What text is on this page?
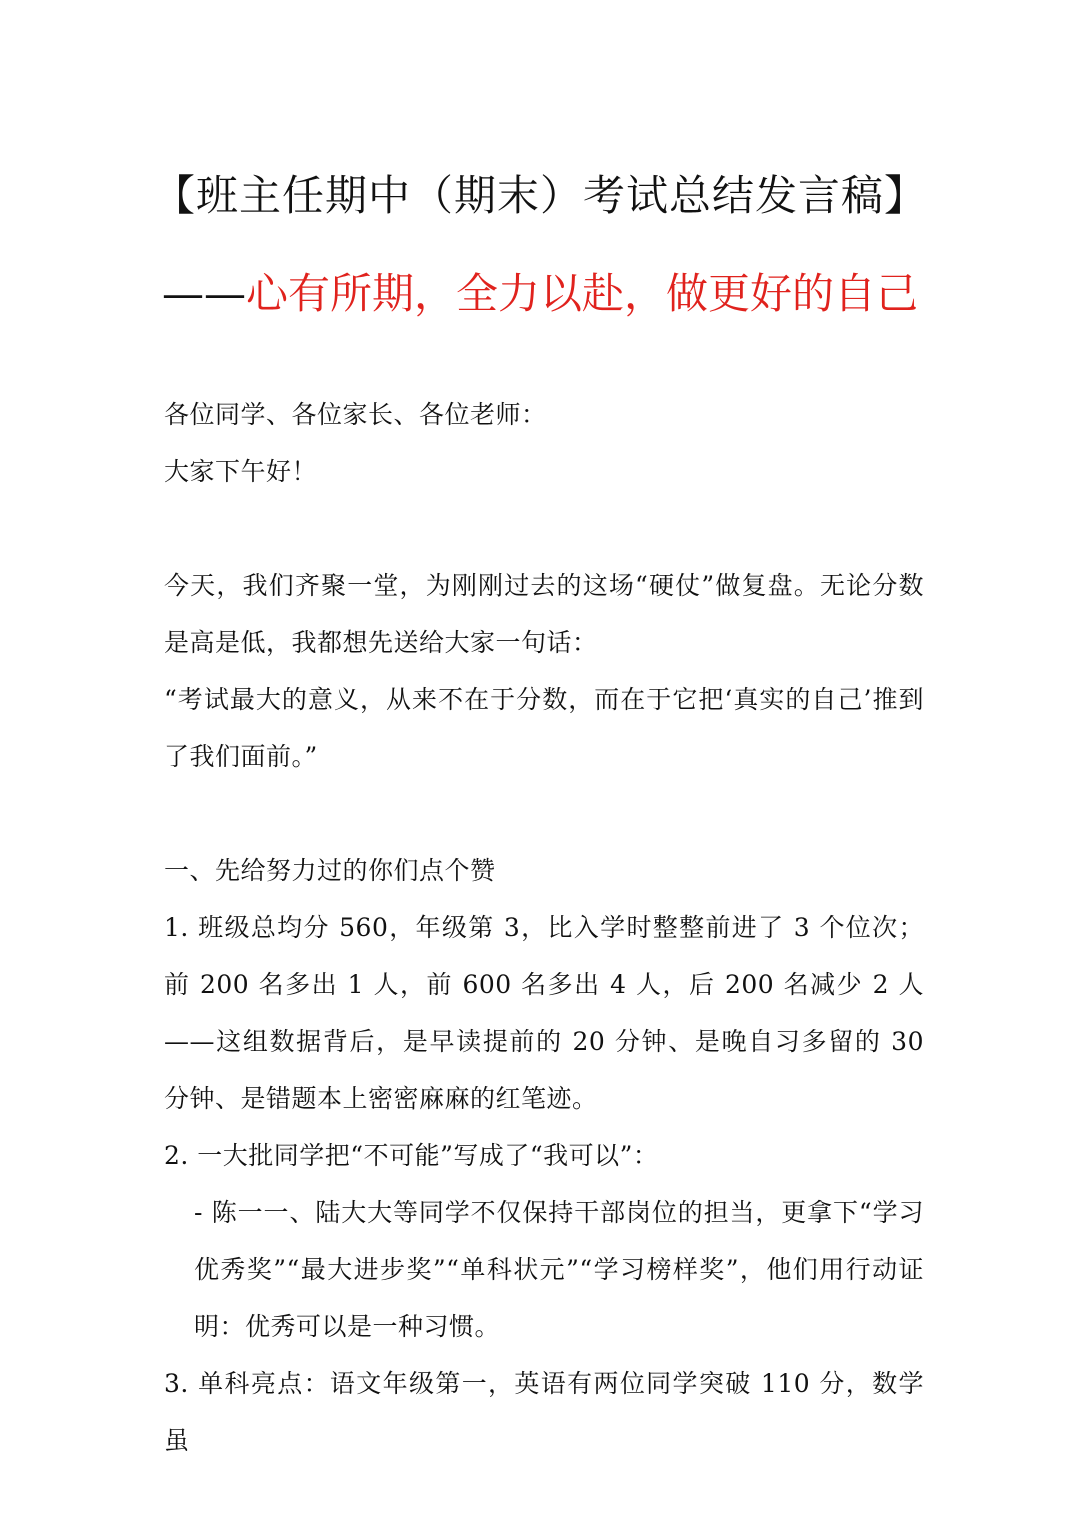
【班主任期中（期末）考试总结发言稿】
——心有所期，全力以赴，做更好的自己

各位同学、各位家长、各位老师：

大家下午好！

今天，我们齐聚一堂，为刚刚过去的这场“硬仗”做复盘。无论分数是高是低，我都想先送给大家一句话：

“考试最大的意义，从来不在于分数，而在于它把‘真实的自己’推到了我们面前。”

一、先给努力过的你们点个赞

1. 班级总均分 560，年级第 3，比入学时整整前进了 3 个位次；前 200 名多出 1 人，前 600 名多出 4 人，后 200 名减少 2 人——这组数据背后，是早读提前的 20 分钟、是晚自习多留的 30 分钟、是错题本上密密麻麻的红笔迹。

2. 一大批同学把“不可能”写成了“我可以”：

- 陈一一、陆大大等同学不仅保持干部岗位的担当，更拿下“学习优秀奖”“最大进步奖”“单科状元”“学习榜样奖”，他们用行动证明：优秀可以是一种习惯。

3. 单科亮点：语文年级第一，英语有两位同学突破 110 分，数学虽
